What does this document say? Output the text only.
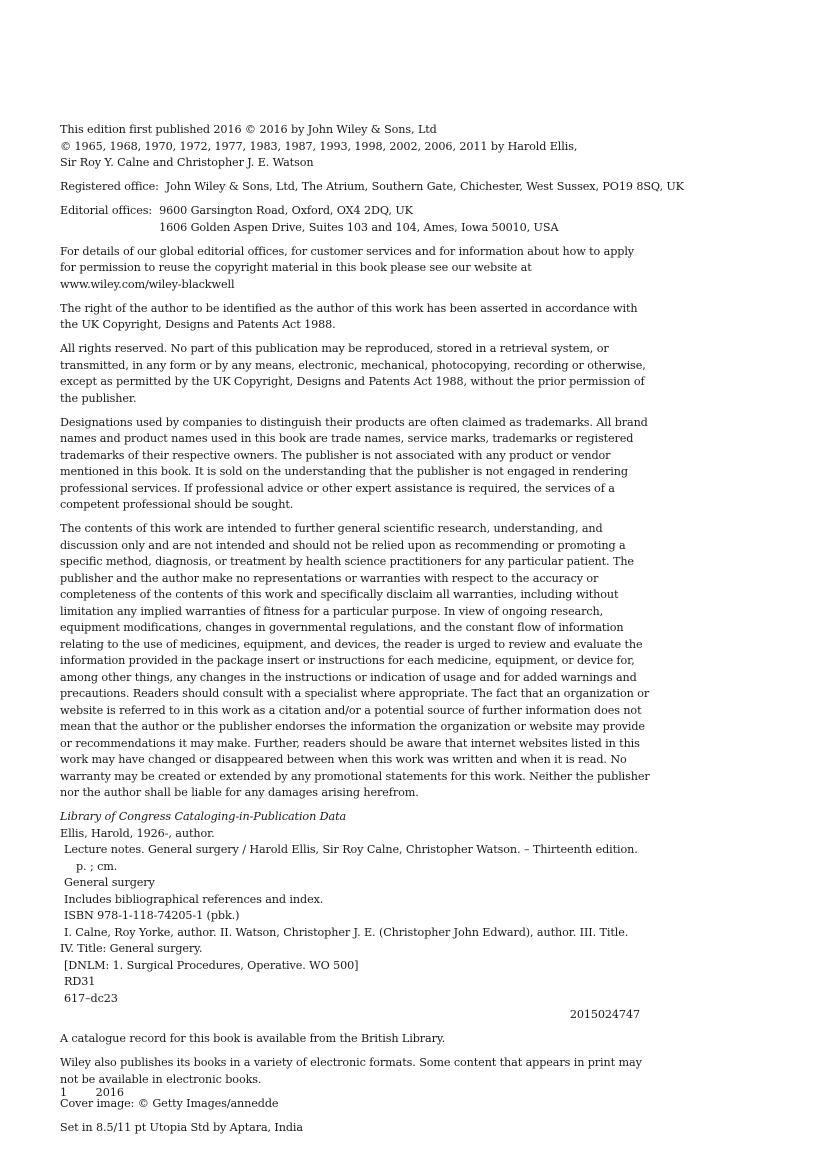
This edition first published 2016 © 2016 by John Wiley & Sons, Ltd
© 1965, 1968, 1970, 1972, 1977, 1983, 1987, 1993, 1998, 2002, 2006, 2011 by Harold Ellis,
Sir Roy Y. Calne and Christopher J. E. Watson

Registered office: John Wiley & Sons, Ltd, The Atrium, Southern Gate, Chichester, West Sussex, PO19 8SQ, UK

Editorial offices: 9600 Garsington Road, Oxford, OX4 2DQ, UK
1606 Golden Aspen Drive, Suites 103 and 104, Ames, Iowa 50010, USA

For details of our global editorial offices, for customer services and for information about how to apply for permission to reuse the copyright material in this book please see our website at www.wiley.com/wiley-blackwell

The right of the author to be identified as the author of this work has been asserted in accordance with the UK Copyright, Designs and Patents Act 1988.

All rights reserved. No part of this publication may be reproduced, stored in a retrieval system, or transmitted, in any form or by any means, electronic, mechanical, photocopying, recording or otherwise, except as permitted by the UK Copyright, Designs and Patents Act 1988, without the prior permission of the publisher.

Designations used by companies to distinguish their products are often claimed as trademarks. All brand names and product names used in this book are trade names, service marks, trademarks or registered trademarks of their respective owners. The publisher is not associated with any product or vendor mentioned in this book. It is sold on the understanding that the publisher is not engaged in rendering professional services. If professional advice or other expert assistance is required, the services of a competent professional should be sought.

The contents of this work are intended to further general scientific research, understanding, and discussion only and are not intended and should not be relied upon as recommending or promoting a specific method, diagnosis, or treatment by health science practitioners for any particular patient. The publisher and the author make no representations or warranties with respect to the accuracy or completeness of the contents of this work and specifically disclaim all warranties, including without limitation any implied warranties of fitness for a particular purpose. In view of ongoing research, equipment modifications, changes in governmental regulations, and the constant flow of information relating to the use of medicines, equipment, and devices, the reader is urged to review and evaluate the information provided in the package insert or instructions for each medicine, equipment, or device for, among other things, any changes in the instructions or indication of usage and for added warnings and precautions. Readers should consult with a specialist where appropriate. The fact that an organization or website is referred to in this work as a citation and/or a potential source of further information does not mean that the author or the publisher endorses the information the organization or website may provide or recommendations it may make. Further, readers should be aware that internet websites listed in this work may have changed or disappeared between when this work was written and when it is read. No warranty may be created or extended by any promotional statements for this work. Neither the publisher nor the author shall be liable for any damages arising herefrom.

Library of Congress Cataloging-in-Publication Data
Ellis, Harold, 1926-, author.
Lecture notes. General surgery / Harold Ellis, Sir Roy Calne, Christopher Watson. – Thirteenth edition.
p. ; cm.
General surgery
Includes bibliographical references and index.
ISBN 978-1-118-74205-1 (pbk.)
I. Calne, Roy Yorke, author. II. Watson, Christopher J. E. (Christopher John Edward), author. III. Title.
IV. Title: General surgery.
[DNLM: 1. Surgical Procedures, Operative. WO 500]
RD31
617–dc23
2015024747

A catalogue record for this book is available from the British Library.

Wiley also publishes its books in a variety of electronic formats. Some content that appears in print may not be available in electronic books.

Cover image: © Getty Images/annedde

Set in 8.5/11 pt Utopia Std by Aptara, India

1	2016
